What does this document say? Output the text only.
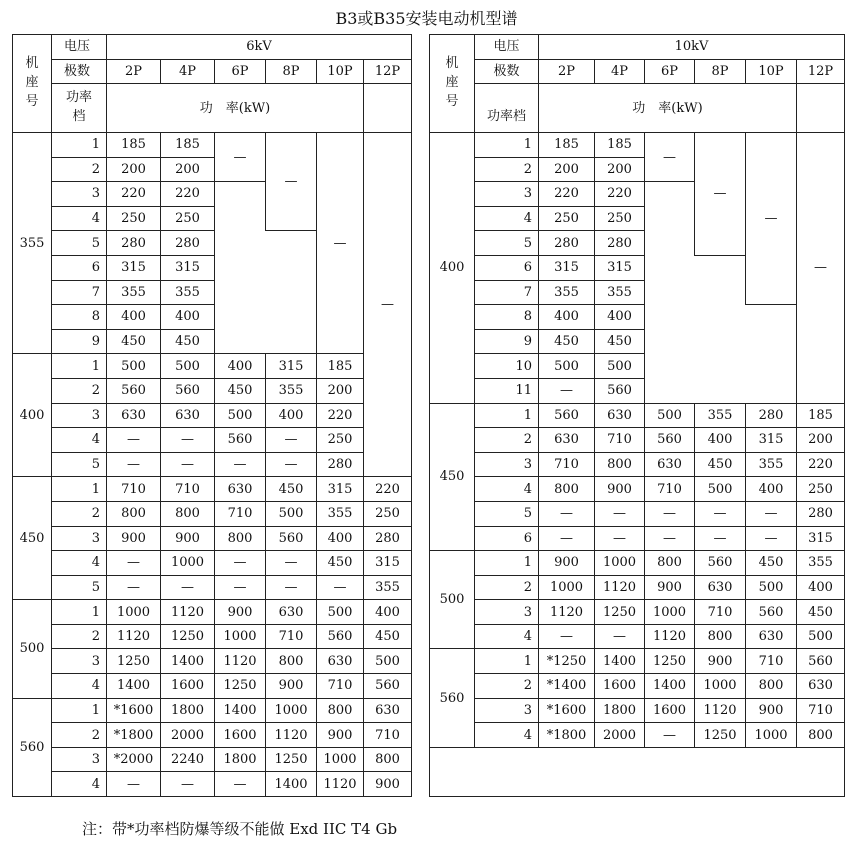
B3或B35安装电动机型谱
机
座
号	电压	6kV					
	极数	2P	4P	6P	8P	10P	12P
	功率
档	功　率(kW)					
355	1	185	185	—	—	—	—
	2	200	200				
	3	220	220				
	4	250	250				
	5	280	280				
	6	315	315				
	7	355	355				
	8	400	400				
	9	450	450				
400	1	500	500	400	315	185	
	2	560	560	450	355	200	
	3	630	630	500	400	220	
	4	—	—	560	—	250	
	5	—	—	—	—	280	
450	1	710	710	630	450	315	220
	2	800	800	710	500	355	250
	3	900	900	800	560	400	280
	4	—	1000	—	—	450	315
	5	—	—	—	—	—	355
500	1	1000	1120	900	630	500	400
	2	1120	1250	1000	710	560	450
	3	1250	1400	1120	800	630	500
	4	1400	1600	1250	900	710	560
560	1	*1600	1800	1400	1000	800	630
	2	*1800	2000	1600	1120	900	710
	3	*2000	2240	1800	1250	1000	800
	4	—	—	—	1400	1120	900
机
座
号	电压	10kV					
	极数	2P	4P	6P	8P	10P	12P
	功率档	功　率(kW)					
400	1	185	185	—	—	—	—
	2	200	200				
	3	220	220				
	4	250	250				
	5	280	280				
	6	315	315				
	7	355	355				
	8	400	400				
	9	450	450				
	10	500	500				
	11	—	560				
450	1	560	630	500	355	280	185
	2	630	710	560	400	315	200
	3	710	800	630	450	355	220
	4	800	900	710	500	400	250
	5	—	—	—	—	—	280
	6	—	—	—	—	—	315
500	1	900	1000	800	560	450	355
	2	1000	1120	900	630	500	400
	3	1120	1250	1000	710	560	450
	4	—	—	1120	800	630	500
560	1	*1250	1400	1250	900	710	560
	2	*1400	1600	1400	1000	800	630
	3	*1600	1800	1600	1120	900	710
	4	*1800	2000	—	1250	1000	800

注：带*功率档防爆等级不能做 Exd IIC T4 Gb
